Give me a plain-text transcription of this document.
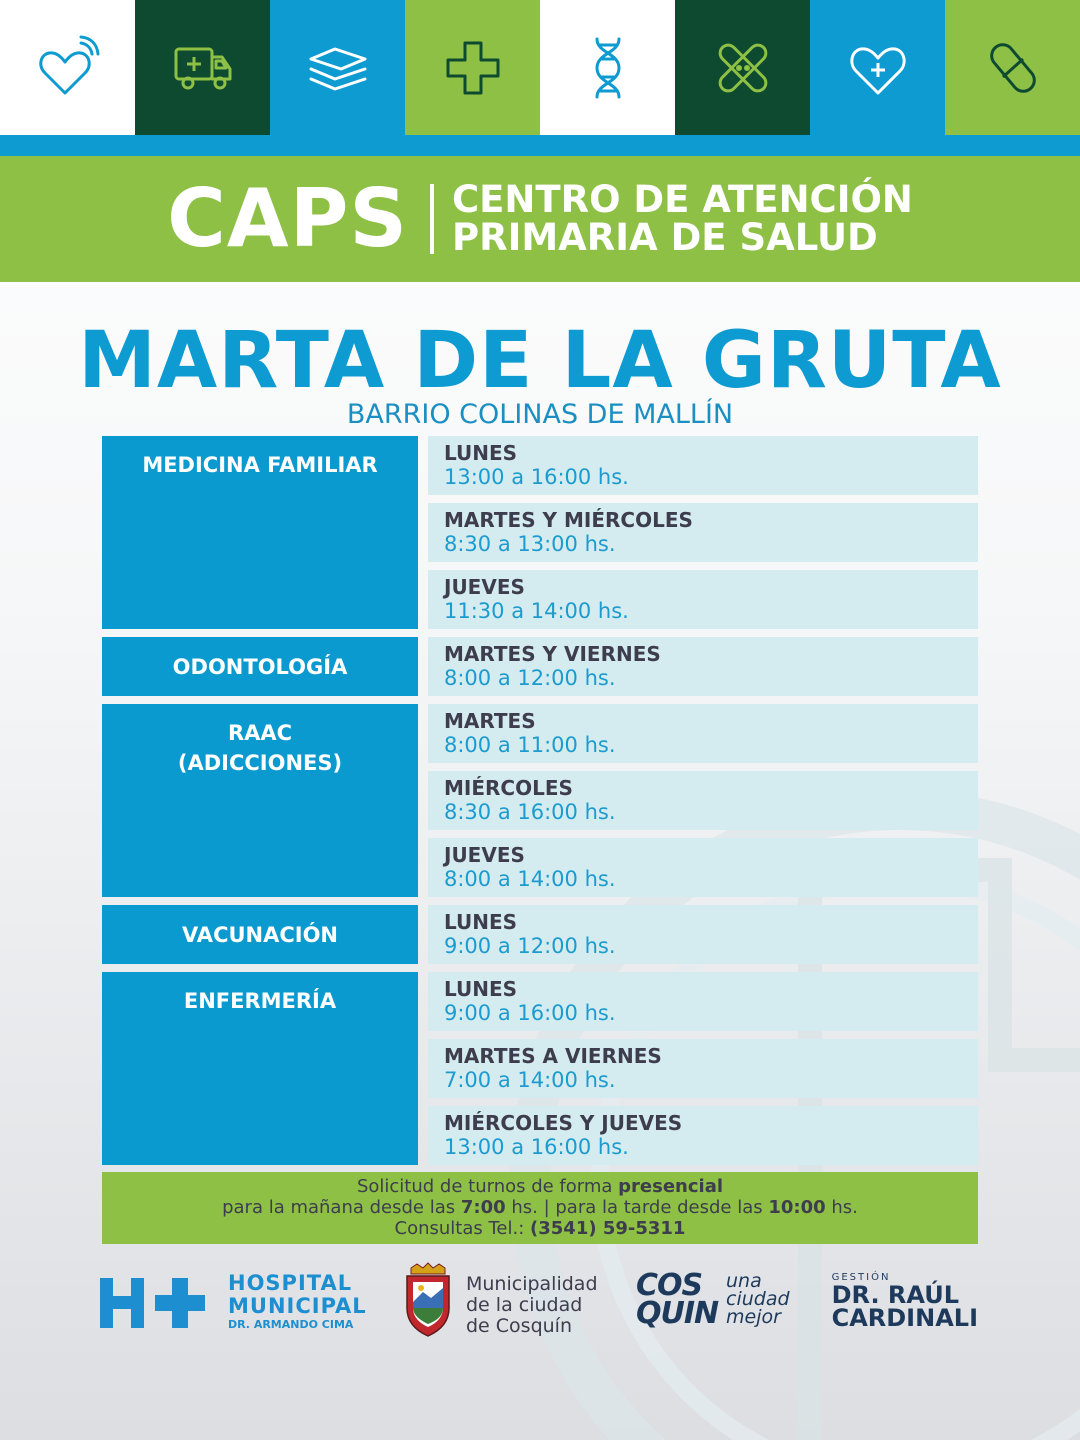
CAPS CENTRO DE ATENCIÓN
PRIMARIA DE SALUD
MARTA DE LA GRUTA
BARRIO COLINAS DE MALLÍN
MEDICINA FAMILIAR	LUNES
13:00 a 16:00 hs.
MARTES Y MIÉRCOLES
8:30 a 13:00 hs.
JUEVES
11:30 a 14:00 hs.
ODONTOLOGÍA
MARTES Y VIERNES
8:00 a 12:00 hs.
RAAC
(ADICCIONES)
MARTES
8:00 a 11:00 hs.
MIÉRCOLES
8:30 a 16:00 hs.
JUEVES
8:00 a 14:00 hs.
VACUNACIÓN
LUNES
9:00 a 12:00 hs.
ENFERMERÍA	LUNES
9:00 a 16:00 hs.
MARTES A VIERNES
7:00 a 14:00 hs.
MIÉRCOLES Y JUEVES
13:00 a 16:00 hs.
Solicitud de turnos de forma presencial
para la mañana desde las 7:00 hs. | para la tarde desde las 10:00 hs.
Consultas Tel.: (3541) 59-5311
HOSPITAL
MUNICIPAL
DR. ARMANDO CIMA
Municipalidad
de la ciudad
de Cosquín
COS
QUIN
una
ciudad
mejor
GESTIÓN
DR. RAÚL
CARDINALI
